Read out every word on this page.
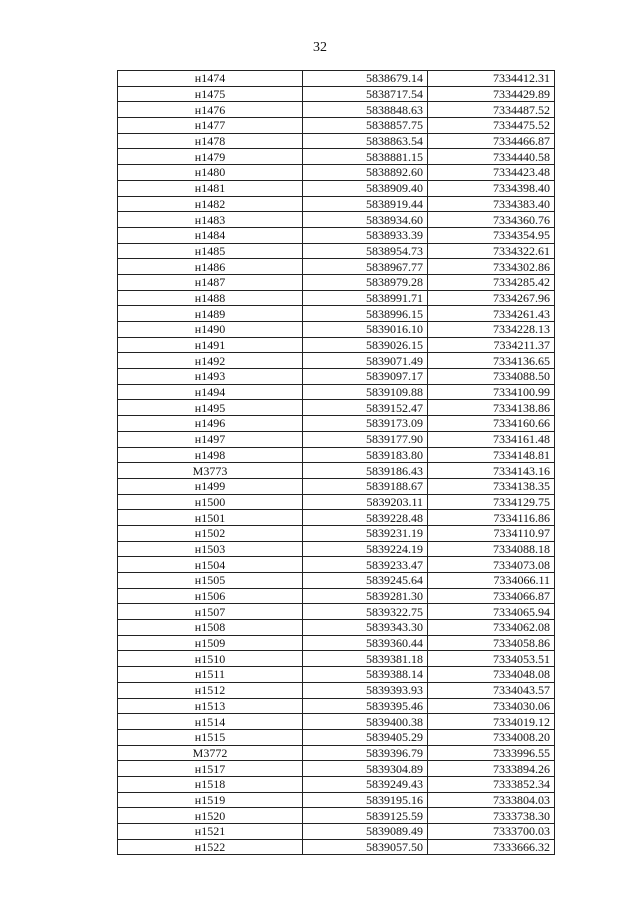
32
н1474	5838679.14	7334412.31
н1475	5838717.54	7334429.89
н1476	5838848.63	7334487.52
н1477	5838857.75	7334475.52
н1478	5838863.54	7334466.87
н1479	5838881.15	7334440.58
н1480	5838892.60	7334423.48
н1481	5838909.40	7334398.40
н1482	5838919.44	7334383.40
н1483	5838934.60	7334360.76
н1484	5838933.39	7334354.95
н1485	5838954.73	7334322.61
н1486	5838967.77	7334302.86
н1487	5838979.28	7334285.42
н1488	5838991.71	7334267.96
н1489	5838996.15	7334261.43
н1490	5839016.10	7334228.13
н1491	5839026.15	7334211.37
н1492	5839071.49	7334136.65
н1493	5839097.17	7334088.50
н1494	5839109.88	7334100.99
н1495	5839152.47	7334138.86
н1496	5839173.09	7334160.66
н1497	5839177.90	7334161.48
н1498	5839183.80	7334148.81
М3773	5839186.43	7334143.16
н1499	5839188.67	7334138.35
н1500	5839203.11	7334129.75
н1501	5839228.48	7334116.86
н1502	5839231.19	7334110.97
н1503	5839224.19	7334088.18
н1504	5839233.47	7334073.08
н1505	5839245.64	7334066.11
н1506	5839281.30	7334066.87
н1507	5839322.75	7334065.94
н1508	5839343.30	7334062.08
н1509	5839360.44	7334058.86
н1510	5839381.18	7334053.51
н1511	5839388.14	7334048.08
н1512	5839393.93	7334043.57
н1513	5839395.46	7334030.06
н1514	5839400.38	7334019.12
н1515	5839405.29	7334008.20
М3772	5839396.79	7333996.55
н1517	5839304.89	7333894.26
н1518	5839249.43	7333852.34
н1519	5839195.16	7333804.03
н1520	5839125.59	7333738.30
н1521	5839089.49	7333700.03
н1522	5839057.50	7333666.32
